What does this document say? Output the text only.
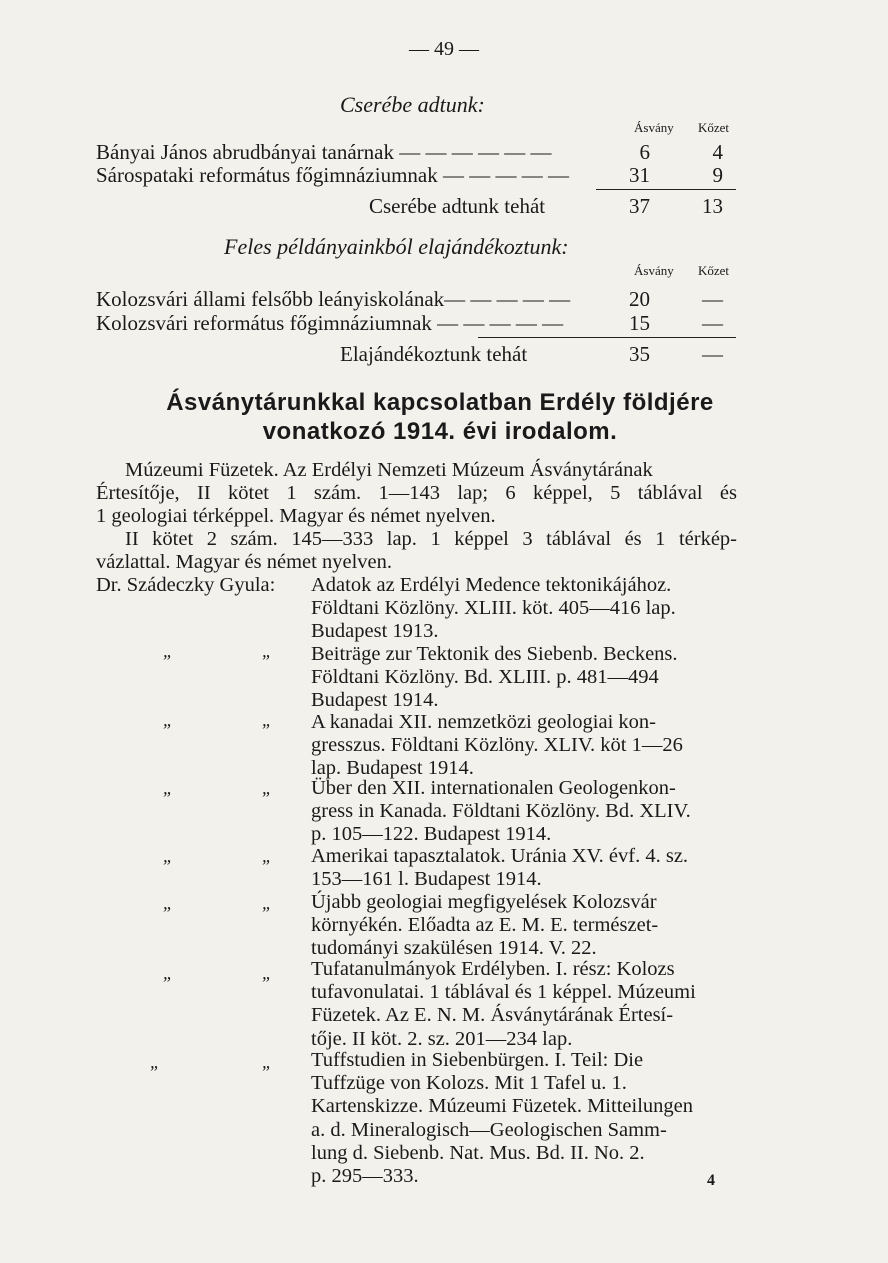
— 49 —
Cserébe adtunk:
Ásvány Kőzet
Bányai János abrudbányai tanárnak — — — — — —	6	4
Sárospataki református főgimnáziumnak — — — — —	31	9
Cserébe adtunk tehát	37	13
Feles példányainkból elajándékoztunk:
Ásvány Kőzet
Kolozsvári állami felsőbb leányiskolának— — — — —	20	—
Kolozsvári református főgimnáziumnak — — — — —	15	—
Elajándékoztunk tehát	35	—
Ásványtárunkkal kapcsolatban Erdély földjére
vonatkozó 1914. évi irodalom.
Múzeumi Füzetek. Az Erdélyi Nemzeti Múzeum Ásványtárának
Értesítője, II kötet 1 szám. 1—143 lap; 6 képpel, 5 táblával és
1 geologiai térképpel. Magyar és német nyelven.
II kötet 2 szám. 145—333 lap. 1 képpel 3 táblával és 1 térkép-
vázlattal. Magyar és német nyelven.
Dr. Szádeczky Gyula: Adatok az Erdélyi Medence tektonikájához.
Földtani Közlöny. XLIII. köt. 405—416 lap.
Budapest 1913.
„	„ Beiträge zur Tektonik des Siebenb. Beckens.
Földtani Közlöny. Bd. XLIII. p. 481—494
Budapest 1914.
„	„ A kanadai XII. nemzetközi geologiai kon-
gresszus. Földtani Közlöny. XLIV. köt 1—26
lap. Budapest 1914.
„	„ Über den XII. internationalen Geologenkon-
gress in Kanada. Földtani Közlöny. Bd. XLIV.
p. 105—122. Budapest 1914.
„	„ Amerikai tapasztalatok. Uránia XV. évf. 4. sz.
153—161 l. Budapest 1914.
„	„ Újabb geologiai megfigyelések Kolozsvár
környékén. Előadta az E. M. E. természet-
tudományi szakülésen 1914. V. 22.
„	„ Tufatanulmányok Erdélyben. I. rész: Kolozs
tufavonulatai. 1 táblával és 1 képpel. Múzeumi
Füzetek. Az E. N. M. Ásványtárának Értesí-
tője. II köt. 2. sz. 201—234 lap.
„	„ Tuffstudien in Siebenbürgen. I. Teil: Die
Tuffzüge von Kolozs. Mit 1 Tafel u. 1.
Kartenskizze. Múzeumi Füzetek. Mitteilungen
a. d. Mineralogisch—Geologischen Samm-
lung d. Siebenb. Nat. Mus. Bd. II. No. 2.
p. 295—333.	4
